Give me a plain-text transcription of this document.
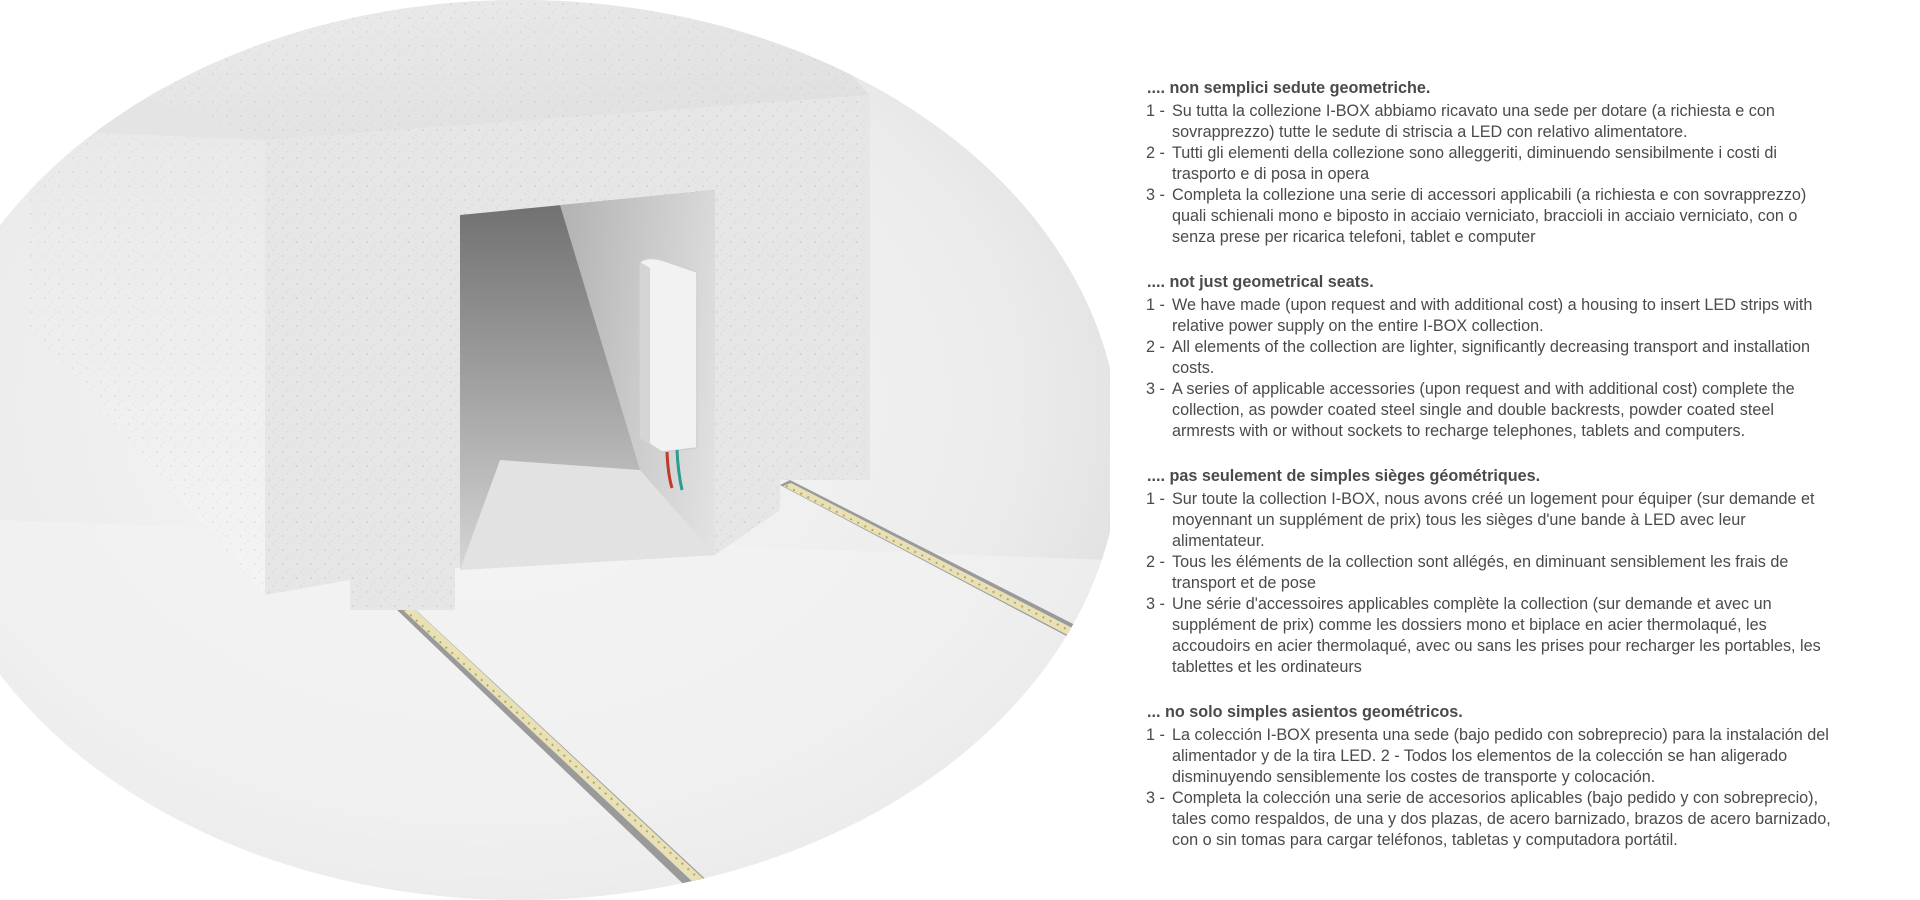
.... non semplici sedute geometriche.

1 - Su tutta la collezione I-BOX abbiamo ricavato una sede per dotare (a richiesta e con sovrapprezzo) tutte le sedute di striscia a LED con relativo alimentatore.

2 - Tutti gli elementi della collezione sono alleggeriti, diminuendo sensibilmente i costi di trasporto e di posa in opera

3 - Completa la collezione una serie di accessori applicabili (a richiesta e con sovrapprezzo) quali schienali mono e biposto in acciaio verniciato, braccioli in acciaio verniciato, con o senza prese per ricarica telefoni, tablet e computer

.... not just geometrical seats.

1 - We have made (upon request and with additional cost) a housing to insert LED strips with relative power supply on the entire I-BOX collection.

2 - All elements of the collection are lighter, significantly decreasing transport and installation costs.

3 - A series of applicable accessories (upon request and with additional cost) complete the collection, as powder coated steel single and double backrests, powder coated steel armrests with or without sockets to recharge telephones, tablets and computers.

.... pas seulement de simples sièges géométriques.

1 - Sur toute la collection I-BOX, nous avons créé un logement pour équiper (sur demande et moyennant un supplément de prix) tous les sièges d'une bande à LED avec leur alimentateur.

2 - Tous les éléments de la collection sont allégés, en diminuant sensiblement les frais de transport et de pose

3 - Une série d'accessoires applicables complète la collection (sur demande et avec un supplément de prix) comme les dossiers mono et biplace en acier thermolaqué, les accoudoirs en acier thermolaqué, avec ou sans les prises pour recharger les portables, les tablettes et les ordinateurs

... no solo simples asientos geométricos.

1 - La colección I-BOX presenta una sede (bajo pedido con sobreprecio) para la instalación del alimentador y de la tira LED. 2 - Todos los elementos de la colección se han aligerado disminuyendo sensiblemente los costes de transporte y colocación.

3 - Completa la colección una serie de accesorios aplicables (bajo pedido y con sobreprecio), tales como respaldos, de una y dos plazas, de acero barnizado, brazos de acero barnizado, con o sin tomas para cargar teléfonos, tabletas y computadora portátil.
